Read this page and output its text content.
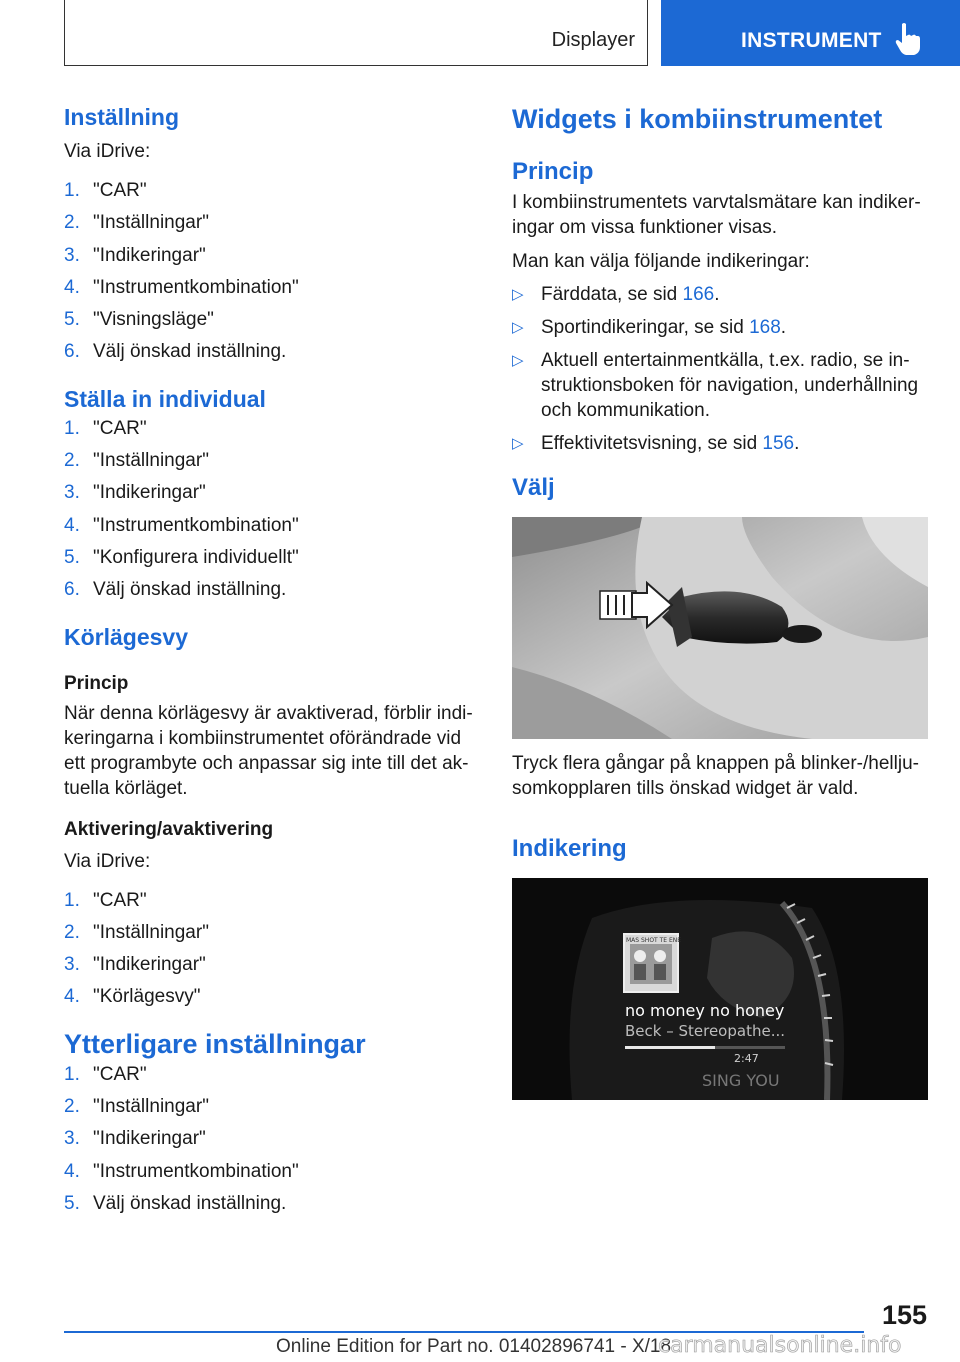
Displayer	INSTRUMENT
Inställning
Via iDrive:
1. "CAR"
2. "Inställningar"
3. "Indikeringar"
4. "Instrumentkombination"
5. "Visningsläge"
6. Välj önskad inställning.
Ställa in individual
1. "CAR"
2. "Inställningar"
3. "Indikeringar"
4. "Instrumentkombination"
5. "Konfigurera individuellt"
6. Välj önskad inställning.
Körlägesvy
Princip
När denna körlägesvy är avaktiverad, förblir indi‐keringarna i kombiinstrumentet oförändrade vid ett programbyte och anpassar sig inte till det ak‐tuella körläget.
Aktivering/avaktivering
Via iDrive:
1. "CAR"
2. "Inställningar"
3. "Indikeringar"
4. "Körlägesvy"
Ytterligare inställningar
1. "CAR"
2. "Inställningar"
3. "Indikeringar"
4. "Instrumentkombination"
5. Välj önskad inställning.
Widgets i kombiinstrumentet
Princip
I kombiinstrumentets varvtalsmätare kan indiker‐ingar om vissa funktioner visas.
Man kan välja följande indikeringar:
▷ Färddata, se sid 166.
▷ Sportindikeringar, se sid 168.
▷ Aktuell entertainmentkälla, t.ex. radio, se in‐struktionsboken för navigation, underhållning och kommunikation.
▷ Effektivitetsvisning, se sid 156.
Välj
Tryck flera gångar på knappen på blinker-/hellju‐somkopplaren tills önskad widget är vald.
Indikering
MAS SHOT TE ENE
no money no honey
Beck – Stereopathe...
2:47
SING YOU
155
Online Edition for Part no. 01402896741 - X/18
carmanualsonline.info
